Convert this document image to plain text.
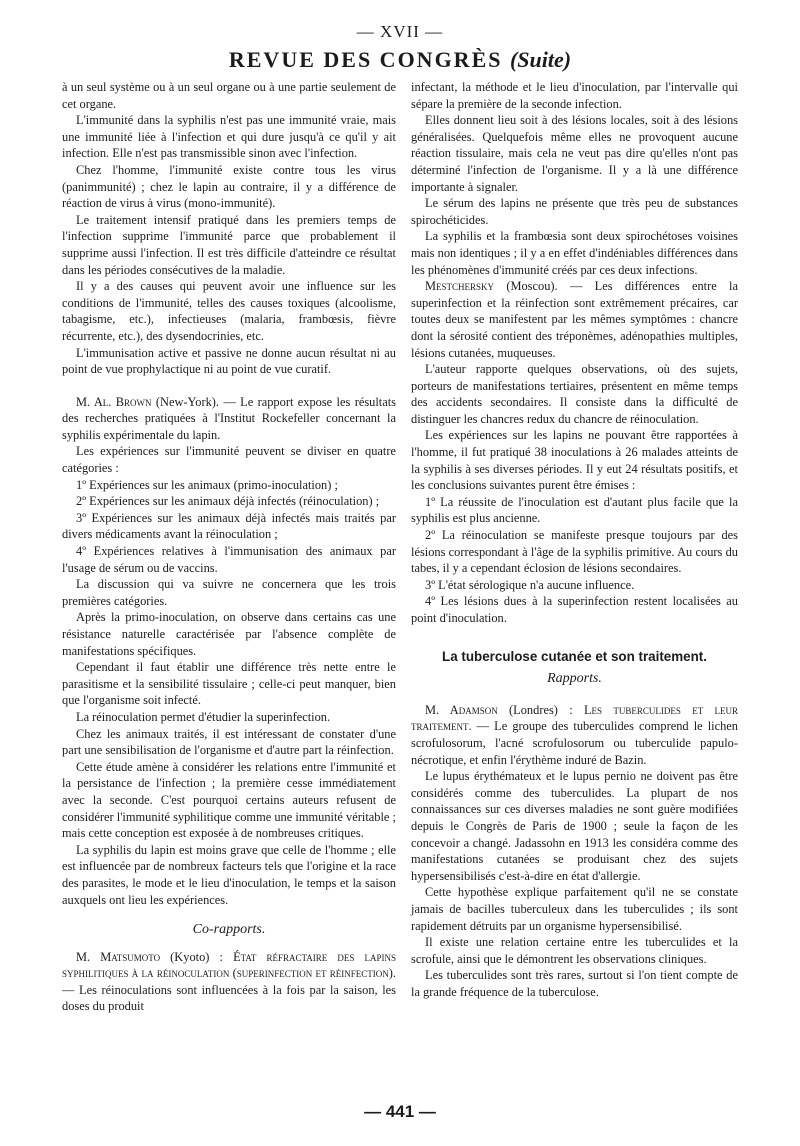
— XVII —
REVUE DES CONGRÈS (Suite)

à un seul système ou à un seul organe ou à une partie seulement de cet organe.

L'immunité dans la syphilis n'est pas une immunité vraie, mais une immunité liée à l'infection et qui dure jusqu'à ce qu'il y ait infection. Elle n'est pas transmissible sinon avec l'infection.

Chez l'homme, l'immunité existe contre tous les virus (panimmunité) ; chez le lapin au contraire, il y a différence de réaction de virus à virus (mono-immunité).

Le traitement intensif pratiqué dans les premiers temps de l'infection supprime l'immunité parce que probablement il supprime aussi l'infection. Il est très difficile d'atteindre ce résultat dans les périodes consécutives de la maladie.

Il y a des causes qui peuvent avoir une influence sur les conditions de l'immunité, telles des causes toxiques (alcoolisme, tabagisme, etc.), infectieuses (malaria, frambœsis, fièvre récurrente, etc.), des dysendocrinies, etc.

L'immunisation active et passive ne donne aucun résultat ni au point de vue prophylactique ni au point de vue curatif.

M. Al. Brown (New-York). — Le rapport expose les résultats des recherches pratiquées à l'Institut Rockefeller concernant la syphilis expérimentale du lapin.

Les expériences sur l'immunité peuvent se diviser en quatre catégories :

1º Expériences sur les animaux (primo-inoculation) ;

2º Expériences sur les animaux déjà infectés (réinoculation) ;

3º Expériences sur les animaux déjà infectés mais traités par divers médicaments avant la réinoculation ;

4º Expériences relatives à l'immunisation des animaux par l'usage de sérum ou de vaccins.

La discussion qui va suivre ne concernera que les trois premières catégories.

Après la primo-inoculation, on observe dans certains cas une résistance naturelle caractérisée par l'absence complète de manifestations spécifiques.

Cependant il faut établir une différence très nette entre le parasitisme et la sensibilité tissulaire ; celle-ci peut manquer, bien que l'organisme soit infecté.

La réinoculation permet d'étudier la superinfection.

Chez les animaux traités, il est intéressant de constater d'une part une sensibilisation de l'organisme et d'autre part la réinfection.

Cette étude amène à considérer les relations entre l'immunité et la persistance de l'infection ; la première cesse immédiatement avec la seconde. C'est pourquoi certains auteurs refusent de considérer l'immunité syphilitique comme une immunité véritable ; mais cette conception est exposée à de nombreuses critiques.

La syphilis du lapin est moins grave que celle de l'homme ; elle est influencée par de nombreux facteurs tels que l'origine et la race des parasites, le mode et le lieu d'inoculation, le temps et la saison auxquels ont lieu les expériences.

Co-rapports.

M. Matsumoto (Kyoto) : État réfractaire des lapins syphilitiques à la réinoculation (superinfection et réinfection). — Les réinoculations sont influencées à la fois par la saison, les doses du produit

infectant, la méthode et le lieu d'inoculation, par l'intervalle qui sépare la première de la seconde infection.

Elles donnent lieu soit à des lésions locales, soit à des lésions généralisées. Quelquefois même elles ne provoquent aucune réaction tissulaire, mais cela ne veut pas dire qu'elles n'ont pas déterminé l'infection de l'organisme. Il y a là une différence importante à signaler.

Le sérum des lapins ne présente que très peu de substances spirochéticides.

La syphilis et la frambœsia sont deux spirochétoses voisines mais non identiques ; il y a en effet d'indéniables différences dans les phénomènes d'immunité créés par ces deux infections.

Mestchersky (Moscou). — Les différences entre la superinfection et la réinfection sont extrêmement précaires, car toutes deux se manifestent par les mêmes symptômes : chancre dont la sérosité contient des tréponèmes, adénopathies multiples, lésions cutanées, muqueuses.

L'auteur rapporte quelques observations, où des sujets, porteurs de manifestations tertiaires, présentent en même temps des accidents secondaires. Il consiste dans la difficulté de distinguer les chancres redux du chancre de réinoculation.

Les expériences sur les lapins ne pouvant être rapportées à l'homme, il fut pratiqué 38 inoculations à 26 malades atteints de la syphilis à ses diverses périodes. Il y eut 24 résultats positifs, et les conclusions suivantes purent être émises :

1º La réussite de l'inoculation est d'autant plus facile que la syphilis est plus ancienne.

2º La réinoculation se manifeste presque toujours par des lésions correspondant à l'âge de la syphilis primitive. Au cours du tabes, il y a cependant éclosion de lésions secondaires.

3º L'état sérologique n'a aucune influence.

4º Les lésions dues à la superinfection restent localisées au point d'inoculation.

La tuberculose cutanée et son traitement.
Rapports.

M. Adamson (Londres) : Les tuberculides et leur traitement. — Le groupe des tuberculides comprend le lichen scrofulosorum, l'acné scrofulosorum ou tuberculide papulo-nécrotique, et enfin l'érythème induré de Bazin.

Le lupus érythémateux et le lupus pernio ne doivent pas être considérés comme des tuberculides. La plupart de nos connaissances sur ces diverses maladies ne sont guère modifiées depuis le Congrès de Paris de 1900 ; seule la façon de les concevoir a changé. Jadassohn en 1913 les considéra comme des manifestations cutanées se produisant chez des sujets hypersensibilisés c'est-à-dire en état d'allergie.

Cette hypothèse explique parfaitement qu'il ne se constate jamais de bacilles tuberculeux dans les tuberculides ; ils sont rapidement détruits par un organisme hypersensibilisé.

Il existe une relation certaine entre les tuberculides et la scrofule, ainsi que le démontrent les observations cliniques.

Les tuberculides sont très rares, surtout si l'on tient compte de la grande fréquence de la tuberculose.

— 441 —
